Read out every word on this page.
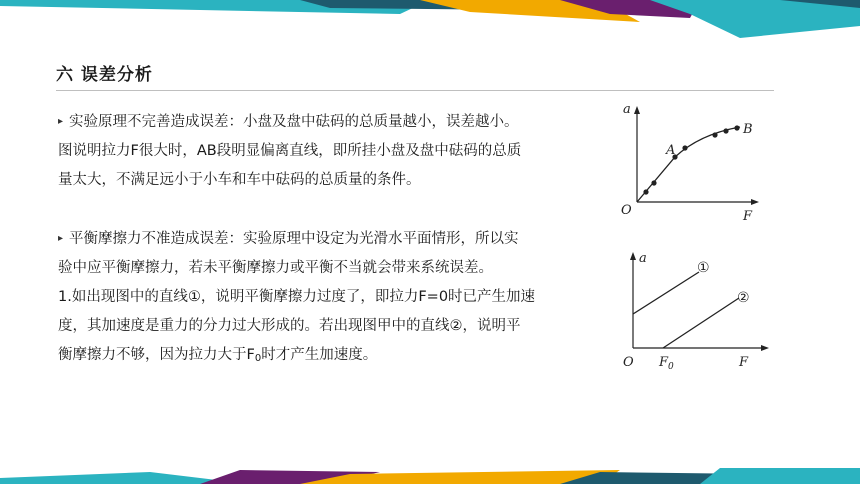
六 误差分析
▸ 实验原理不完善造成误差：小盘及盘中砝码的总质量越小，误差越小。
图说明拉力F很大时，AB段明显偏离直线，即所挂小盘及盘中砝码的总质
量太大，不满足远小于小车和车中砝码的总质量的条件。
▸ 平衡摩擦力不准造成误差：实验原理中设定为光滑水平面情形，所以实
验中应平衡摩擦力，若未平衡摩擦力或平衡不当就会带来系统误差。
1.如出现图中的直线①，说明平衡摩擦力过度了，即拉力F=0时已产生加速
度，其加速度是重力的分力过大形成的。若出现图甲中的直线②，说明平
衡摩擦力不够，因为拉力大于F0时才产生加速度。
a
F
O
A
B
a
F
O $F_0$
①
②
